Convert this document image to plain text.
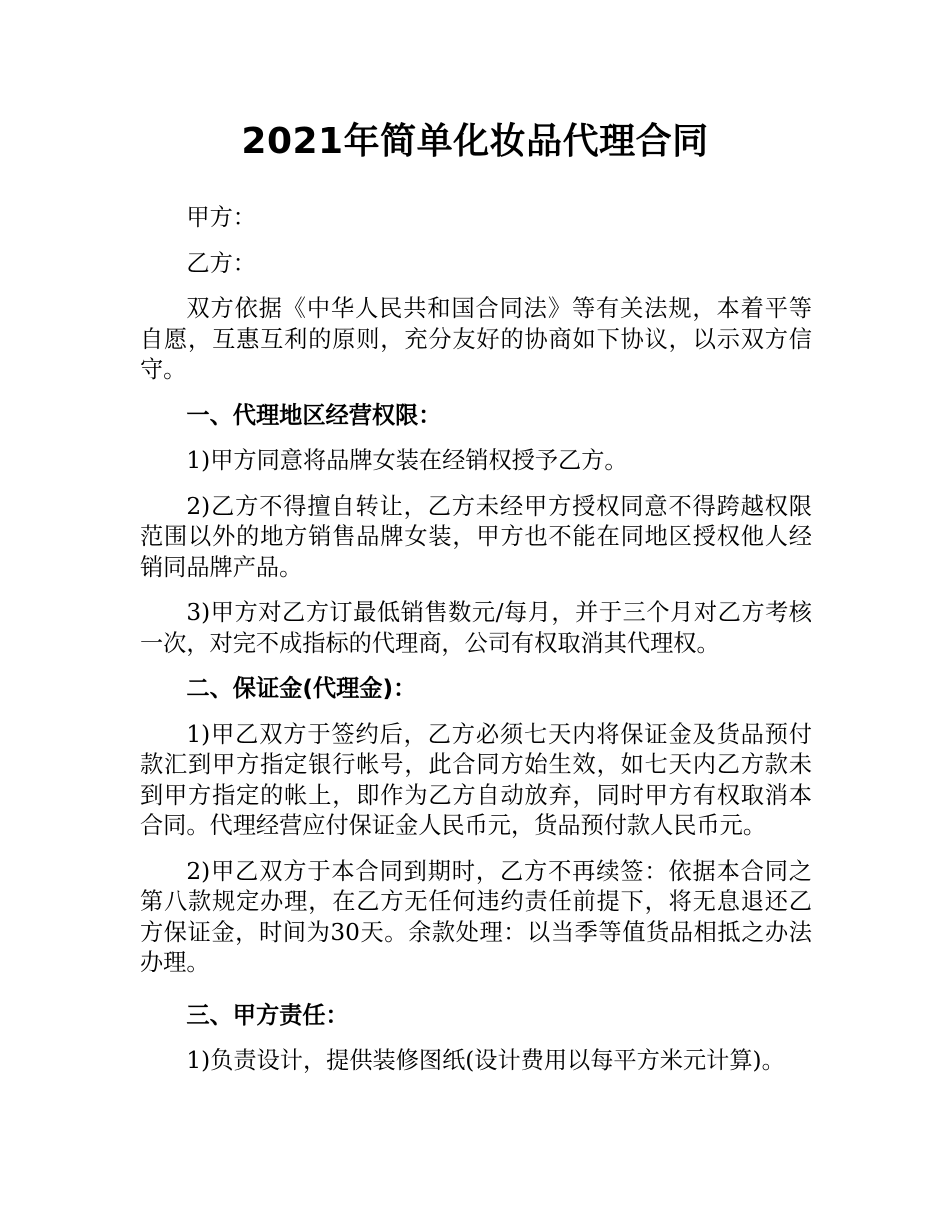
2021年简单化妆品代理合同

甲方：

乙方：

双方依据《中华人民共和国合同法》等有关法规，本着平等自愿，互惠互利的原则，充分友好的协商如下协议，以示双方信守。

一、代理地区经营权限：

1)甲方同意将品牌女装在经销权授予乙方。

2)乙方不得擅自转让，乙方未经甲方授权同意不得跨越权限范围以外的地方销售品牌女装，甲方也不能在同地区授权他人经销同品牌产品。

3)甲方对乙方订最低销售数元/每月，并于三个月对乙方考核一次，对完不成指标的代理商，公司有权取消其代理权。

二、保证金(代理金)：

1)甲乙双方于签约后，乙方必须七天内将保证金及货品预付款汇到甲方指定银行帐号，此合同方始生效，如七天内乙方款未到甲方指定的帐上，即作为乙方自动放弃，同时甲方有权取消本合同。代理经营应付保证金人民币元，货品预付款人民币元。

2)甲乙双方于本合同到期时，乙方不再续签：依据本合同之第八款规定办理，在乙方无任何违约责任前提下，将无息退还乙方保证金，时间为30天。余款处理：以当季等值货品相抵之办法办理。

三、甲方责任：

1)负责设计，提供装修图纸(设计费用以每平方米元计算)。
